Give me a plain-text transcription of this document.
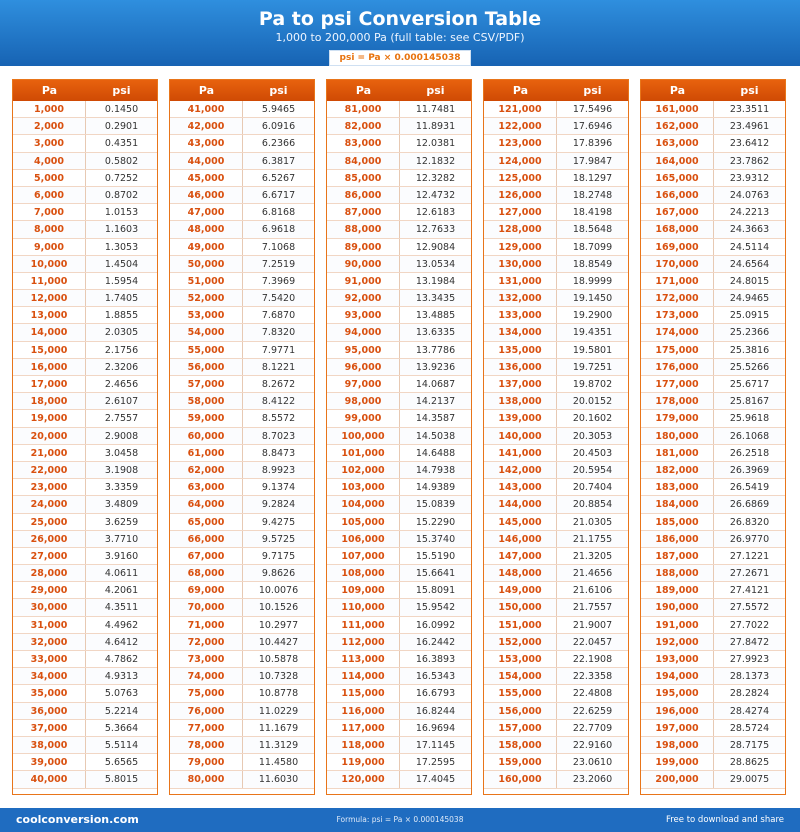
Pa to psi Conversion Table
1,000 to 200,000 Pa (full table: see CSV/PDF)
psi = Pa × 0.000145038
Pa	psi
1,000	0.1450
2,000	0.2901
3,000	0.4351
4,000	0.5802
5,000	0.7252
6,000	0.8702
7,000	1.0153
8,000	1.1603
9,000	1.3053
10,000	1.4504
11,000	1.5954
12,000	1.7405
13,000	1.8855
14,000	2.0305
15,000	2.1756
16,000	2.3206
17,000	2.4656
18,000	2.6107
19,000	2.7557
20,000	2.9008
21,000	3.0458
22,000	3.1908
23,000	3.3359
24,000	3.4809
25,000	3.6259
26,000	3.7710
27,000	3.9160
28,000	4.0611
29,000	4.2061
30,000	4.3511
31,000	4.4962
32,000	4.6412
33,000	4.7862
34,000	4.9313
35,000	5.0763
36,000	5.2214
37,000	5.3664
38,000	5.5114
39,000	5.6565
40,000	5.8015
Pa	psi
41,000	5.9465
42,000	6.0916
43,000	6.2366
44,000	6.3817
45,000	6.5267
46,000	6.6717
47,000	6.8168
48,000	6.9618
49,000	7.1068
50,000	7.2519
51,000	7.3969
52,000	7.5420
53,000	7.6870
54,000	7.8320
55,000	7.9771
56,000	8.1221
57,000	8.2672
58,000	8.4122
59,000	8.5572
60,000	8.7023
61,000	8.8473
62,000	8.9923
63,000	9.1374
64,000	9.2824
65,000	9.4275
66,000	9.5725
67,000	9.7175
68,000	9.8626
69,000	10.0076
70,000	10.1526
71,000	10.2977
72,000	10.4427
73,000	10.5878
74,000	10.7328
75,000	10.8778
76,000	11.0229
77,000	11.1679
78,000	11.3129
79,000	11.4580
80,000	11.6030
Pa	psi
81,000	11.7481
82,000	11.8931
83,000	12.0381
84,000	12.1832
85,000	12.3282
86,000	12.4732
87,000	12.6183
88,000	12.7633
89,000	12.9084
90,000	13.0534
91,000	13.1984
92,000	13.3435
93,000	13.4885
94,000	13.6335
95,000	13.7786
96,000	13.9236
97,000	14.0687
98,000	14.2137
99,000	14.3587
100,000	14.5038
101,000	14.6488
102,000	14.7938
103,000	14.9389
104,000	15.0839
105,000	15.2290
106,000	15.3740
107,000	15.5190
108,000	15.6641
109,000	15.8091
110,000	15.9542
111,000	16.0992
112,000	16.2442
113,000	16.3893
114,000	16.5343
115,000	16.6793
116,000	16.8244
117,000	16.9694
118,000	17.1145
119,000	17.2595
120,000	17.4045
Pa	psi
121,000	17.5496
122,000	17.6946
123,000	17.8396
124,000	17.9847
125,000	18.1297
126,000	18.2748
127,000	18.4198
128,000	18.5648
129,000	18.7099
130,000	18.8549
131,000	18.9999
132,000	19.1450
133,000	19.2900
134,000	19.4351
135,000	19.5801
136,000	19.7251
137,000	19.8702
138,000	20.0152
139,000	20.1602
140,000	20.3053
141,000	20.4503
142,000	20.5954
143,000	20.7404
144,000	20.8854
145,000	21.0305
146,000	21.1755
147,000	21.3205
148,000	21.4656
149,000	21.6106
150,000	21.7557
151,000	21.9007
152,000	22.0457
153,000	22.1908
154,000	22.3358
155,000	22.4808
156,000	22.6259
157,000	22.7709
158,000	22.9160
159,000	23.0610
160,000	23.2060
Pa	psi
161,000	23.3511
162,000	23.4961
163,000	23.6412
164,000	23.7862
165,000	23.9312
166,000	24.0763
167,000	24.2213
168,000	24.3663
169,000	24.5114
170,000	24.6564
171,000	24.8015
172,000	24.9465
173,000	25.0915
174,000	25.2366
175,000	25.3816
176,000	25.5266
177,000	25.6717
178,000	25.8167
179,000	25.9618
180,000	26.1068
181,000	26.2518
182,000	26.3969
183,000	26.5419
184,000	26.6869
185,000	26.8320
186,000	26.9770
187,000	27.1221
188,000	27.2671
189,000	27.4121
190,000	27.5572
191,000	27.7022
192,000	27.8472
193,000	27.9923
194,000	28.1373
195,000	28.2824
196,000	28.4274
197,000	28.5724
198,000	28.7175
199,000	28.8625
200,000	29.0075
coolconversion.com	Formula: psi = Pa × 0.000145038	Free to download and share
